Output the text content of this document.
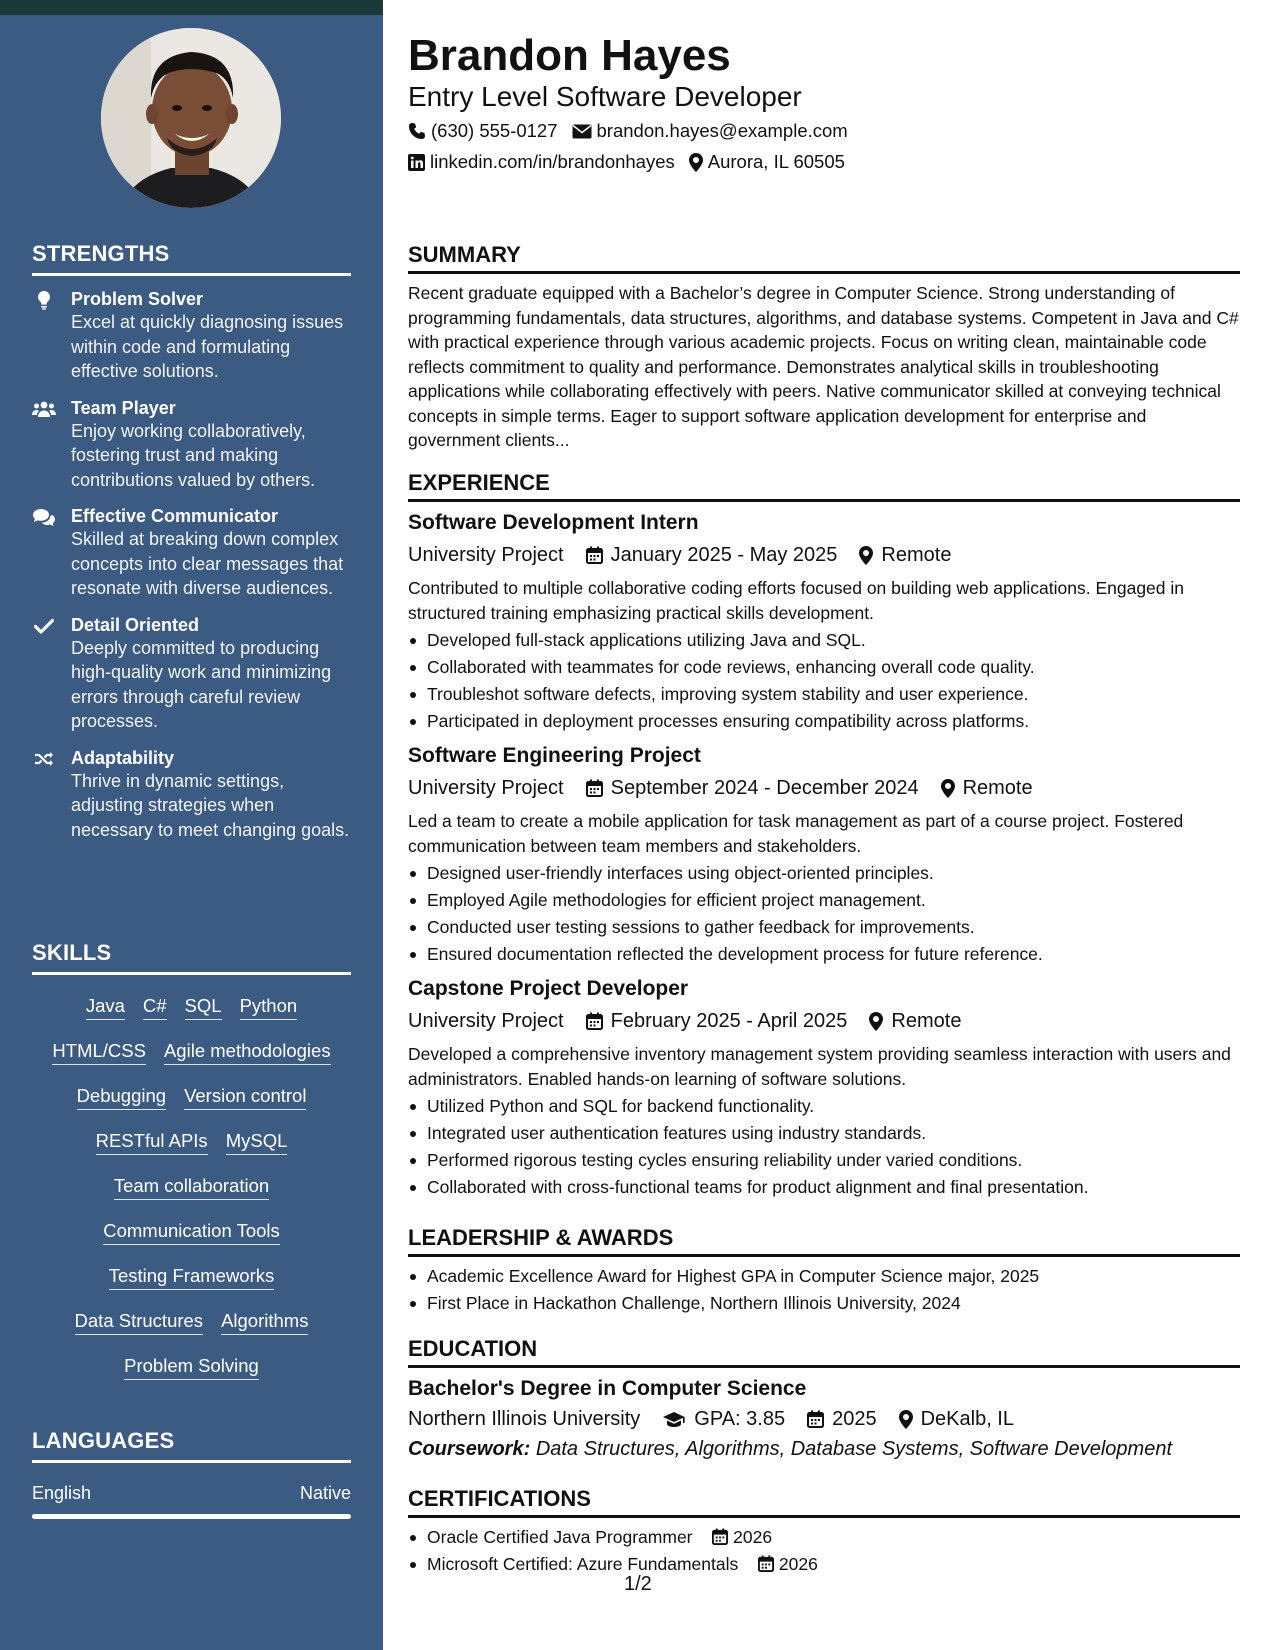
STRENGTHS
Problem Solver
Excel at quickly diagnosing issues within code and formulating effective solutions.
Team Player
Enjoy working collaboratively, fostering trust and making contributions valued by others.
Effective Communicator
Skilled at breaking down complex concepts into clear messages that resonate with diverse audiences.
Detail Oriented
Deeply committed to producing high-quality work and minimizing errors through careful review processes.
Adaptability
Thrive in dynamic settings, adjusting strategies when necessary to meet changing goals.
SKILLS
Java C# SQL Python
HTML/CSS Agile methodologies
Debugging Version control
RESTful APIs MySQL
Team collaboration
Communication Tools
Testing Frameworks
Data Structures Algorithms
Problem Solving
LANGUAGES
English	Native
Brandon Hayes
Entry Level Software Developer
(630) 555-0127 brandon.hayes@example.com
linkedin.com/in/brandonhayes Aurora, IL 60505
SUMMARY
Recent graduate equipped with a Bachelor’s degree in Computer Science. Strong understanding of programming fundamentals, data structures, algorithms, and database systems. Competent in Java and C# with practical experience through various academic projects. Focus on writing clean, maintainable code reflects commitment to quality and performance. Demonstrates analytical skills in troubleshooting applications while collaborating effectively with peers. Native communicator skilled at conveying technical concepts in simple terms. Eager to support software application development for enterprise and government clients...
EXPERIENCE
Software Development Intern
University Project January 2025 - May 2025 Remote
Contributed to multiple collaborative coding efforts focused on building web applications. Engaged in structured training emphasizing practical skills development.
Developed full-stack applications utilizing Java and SQL.
Collaborated with teammates for code reviews, enhancing overall code quality.
Troubleshot software defects, improving system stability and user experience.
Participated in deployment processes ensuring compatibility across platforms.
Software Engineering Project
University Project September 2024 - December 2024 Remote
Led a team to create a mobile application for task management as part of a course project. Fostered communication between team members and stakeholders.
Designed user-friendly interfaces using object-oriented principles.
Employed Agile methodologies for efficient project management.
Conducted user testing sessions to gather feedback for improvements.
Ensured documentation reflected the development process for future reference.
Capstone Project Developer
University Project February 2025 - April 2025 Remote
Developed a comprehensive inventory management system providing seamless interaction with users and administrators. Enabled hands-on learning of software solutions.
Utilized Python and SQL for backend functionality.
Integrated user authentication features using industry standards.
Performed rigorous testing cycles ensuring reliability under varied conditions.
Collaborated with cross-functional teams for product alignment and final presentation.
LEADERSHIP & AWARDS
Academic Excellence Award for Highest GPA in Computer Science major, 2025
First Place in Hackathon Challenge, Northern Illinois University, 2024
EDUCATION
Bachelor's Degree in Computer Science
Northern Illinois University	GPA: 3.85 2025 DeKalb, IL
Coursework: Data Structures, Algorithms, Database Systems, Software Development
CERTIFICATIONS
Oracle Certified Java Programmer 2026
Microsoft Certified: Azure Fundamentals 2026
1/2
